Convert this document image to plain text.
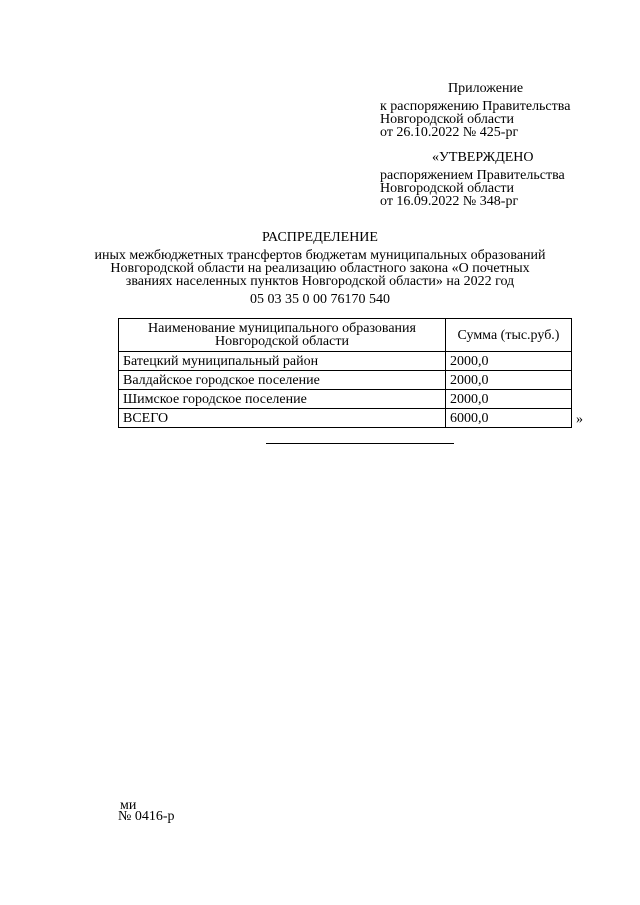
Приложение
к распоряжению Правительства
Новгородской области
от 26.10.2022 № 425-рг
«УТВЕРЖДЕНО
распоряжением Правительства
Новгородской области
от 16.09.2022 № 348-рг
РАСПРЕДЕЛЕНИЕ
иных межбюджетных трансфертов бюджетам муниципальных образований
Новгородской области на реализацию областного закона «О почетных
званиях населенных пунктов Новгородской области» на 2022 год
05 03 35 0 00 76170 540
Наименование муниципального образования
Новгородской области	Сумма (тыс.руб.)
Батецкий муниципальный район	2000,0
Валдайское городское поселение	2000,0
Шимское городское поселение	2000,0
ВСЕГО	6000,0	»
ми
№ 0416-р
